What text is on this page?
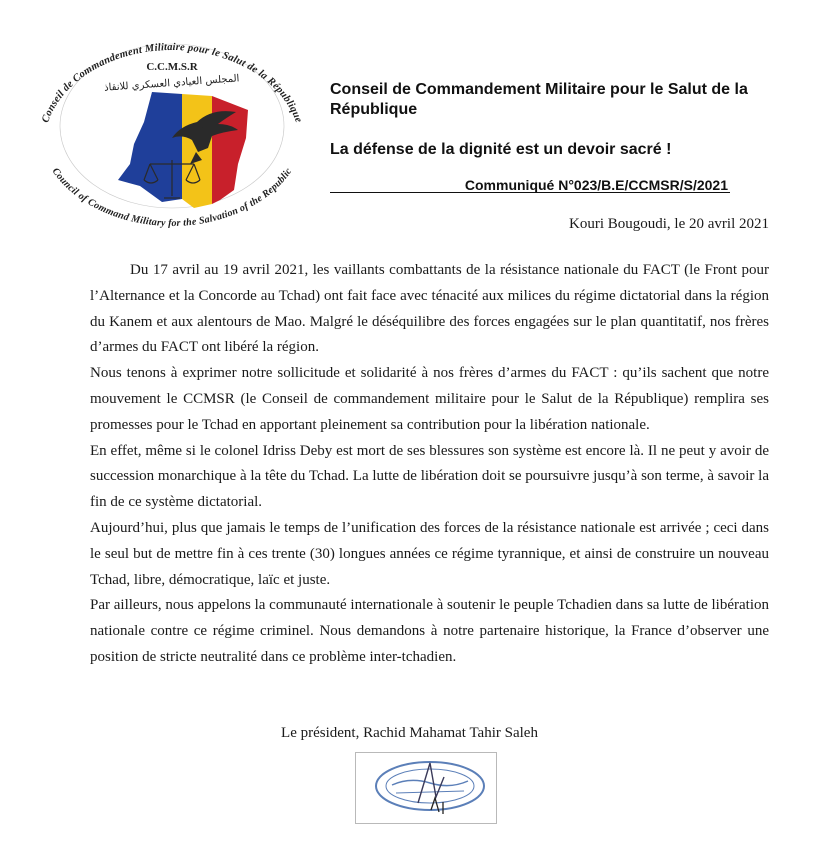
Conseil de Commandement Militaire pour le Salut de la République
Council of Command Military for the Salvation of the Republic
C.C.M.S.R
المجلس العيادي العسكري للانقاذ	Conseil de Commandement Militaire pour le Salut de la République
La défense de la dignité est un devoir sacré !
Communiqué N°023/B.E/CCMSR/S/2021
Kouri Bougoudi, le 20 avril 2021

Du 17 avril au 19 avril 2021, les vaillants combattants de la résistance nationale du FACT (le Front pour l’Alternance et la Concorde au Tchad) ont fait face avec ténacité aux milices du régime dictatorial dans la région du Kanem et aux alentours de Mao. Malgré le déséquilibre des forces engagées sur le plan quantitatif, nos frères d’armes du FACT ont libéré la région.

Nous tenons à exprimer notre sollicitude et solidarité à nos frères d’armes du FACT : qu’ils sachent que notre mouvement le CCMSR (le Conseil de commandement militaire pour le Salut de la République) remplira ses promesses pour le Tchad en apportant pleinement sa contribution pour la libération nationale.

En effet, même si le colonel Idriss Deby est mort de ses blessures son système est encore là. Il ne peut y avoir de succession monarchique à la tête du Tchad. La lutte de libération doit se poursuivre jusqu’à son terme, à savoir la fin de ce système dictatorial.

Aujourd’hui, plus que jamais le temps de l’unification des forces de la résistance nationale est arrivée ; ceci dans le seul but de mettre fin à ces trente (30) longues années ce régime tyrannique, et ainsi de construire un nouveau Tchad, libre, démocratique, laïc et juste.

Par ailleurs, nous appelons la communauté internationale à soutenir le peuple Tchadien dans sa lutte de libération nationale contre ce régime criminel. Nous demandons à notre partenaire historique, la France d’observer une position de stricte neutralité dans ce problème inter-tchadien.

Le président, Rachid Mahamat Tahir Saleh
